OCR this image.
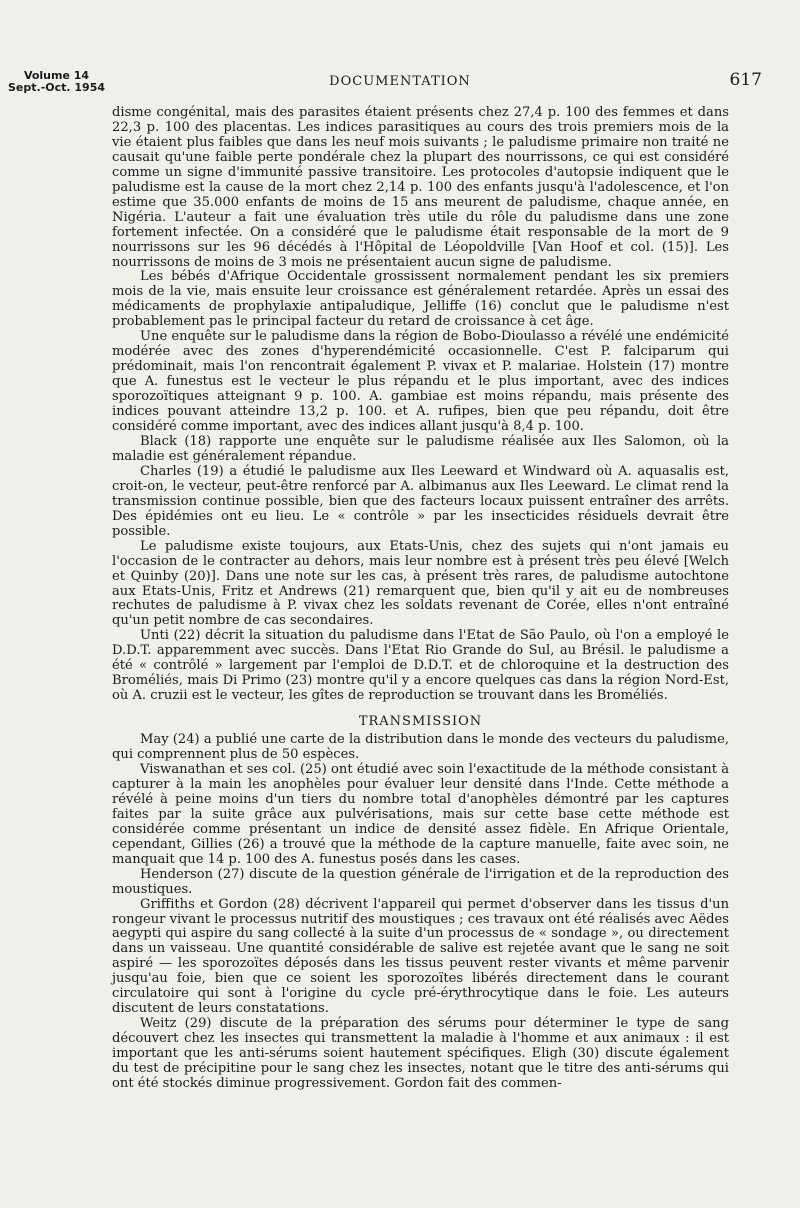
Volume 14
Sept.-Oct. 1954	DOCUMENTATION	617

disme congénital, mais des parasites étaient présents chez 27,4 p. 100 des femmes et dans 22,3 p. 100 des placentas. Les indices parasitiques au cours des trois premiers mois de la vie étaient plus faibles que dans les neuf mois suivants ; le paludisme primaire non traité ne causait qu'une faible perte pondérale chez la plupart des nourrissons, ce qui est considéré comme un signe d'immunité passive transitoire. Les protocoles d'autopsie indiquent que le paludisme est la cause de la mort chez 2,14 p. 100 des enfants jusqu'à l'adolescence, et l'on estime que 35.000 enfants de moins de 15 ans meurent de paludisme, chaque année, en Nigéria. L'auteur a fait une évaluation très utile du rôle du paludisme dans une zone fortement infectée. On a considéré que le paludisme était responsable de la mort de 9 nourrissons sur les 96 décédés à l'Hôpital de Léopoldville [Van Hoof et col. (15)]. Les nourrissons de moins de 3 mois ne présentaient aucun signe de paludisme.

Les bébés d'Afrique Occidentale grossissent normalement pendant les six premiers mois de la vie, mais ensuite leur croissance est généralement retardée. Après un essai des médicaments de prophylaxie antipaludique, Jelliffe (16) conclut que le paludisme n'est probablement pas le principal facteur du retard de croissance à cet âge.

Une enquête sur le paludisme dans la région de Bobo-Dioulasso a révélé une endémicité modérée avec des zones d'hyperendémicité occasionnelle. C'est P. falciparum qui prédominait, mais l'on rencontrait également P. vivax et P. malariae. Holstein (17) montre que A. funestus est le vecteur le plus répandu et le plus important, avec des indices sporozoïtiques atteignant 9 p. 100. A. gambiae est moins répandu, mais présente des indices pouvant atteindre 13,2 p. 100. et A. rufipes, bien que peu répandu, doit être considéré comme important, avec des indices allant jusqu'à 8,4 p. 100.

Black (18) rapporte une enquête sur le paludisme réalisée aux Iles Salomon, où la maladie est généralement répandue.

Charles (19) a étudié le paludisme aux Iles Leeward et Windward où A. aquasalis est, croit-on, le vecteur, peut-être renforcé par A. albimanus aux Iles Leeward. Le climat rend la transmission continue possible, bien que des facteurs locaux puissent entraîner des arrêts. Des épidémies ont eu lieu. Le « contrôle » par les insecticides résiduels devrait être possible.

Le paludisme existe toujours, aux Etats-Unis, chez des sujets qui n'ont jamais eu l'occasion de le contracter au dehors, mais leur nombre est à présent très peu élevé [Welch et Quinby (20)]. Dans une note sur les cas, à présent très rares, de paludisme autochtone aux Etats-Unis, Fritz et Andrews (21) remarquent que, bien qu'il y ait eu de nombreuses rechutes de paludisme à P. vivax chez les soldats revenant de Corée, elles n'ont entraîné qu'un petit nombre de cas secondaires.

Unti (22) décrit la situation du paludisme dans l'Etat de São Paulo, où l'on a employé le D.D.T. apparemment avec succès. Dans l'Etat Rio Grande do Sul, au Brésil. le paludisme a été « contrôlé » largement par l'emploi de D.D.T. et de chloroquine et la destruction des Broméliés, mais Di Primo (23) montre qu'il y a encore quelques cas dans la région Nord-Est, où A. cruzii est le vecteur, les gîtes de reproduction se trouvant dans les Broméliés.

TRANSMISSION

May (24) a publié une carte de la distribution dans le monde des vecteurs du paludisme, qui comprennent plus de 50 espèces.

Viswanathan et ses col. (25) ont étudié avec soin l'exactitude de la méthode consistant à capturer à la main les anophèles pour évaluer leur densité dans l'Inde. Cette méthode a révélé à peine moins d'un tiers du nombre total d'anophèles démontré par les captures faites par la suite grâce aux pulvérisations, mais sur cette base cette méthode est considérée comme présentant un indice de densité assez fidèle. En Afrique Orientale, cependant, Gillies (26) a trouvé que la méthode de la capture manuelle, faite avec soin, ne manquait que 14 p. 100 des A. funestus posés dans les cases.

Henderson (27) discute de la question générale de l'irrigation et de la reproduction des moustiques.

Griffiths et Gordon (28) décrivent l'appareil qui permet d'observer dans les tissus d'un rongeur vivant le processus nutritif des moustiques ; ces travaux ont été réalisés avec Aëdes aegypti qui aspire du sang collecté à la suite d'un processus de « sondage », ou directement dans un vaisseau. Une quantité considérable de salive est rejetée avant que le sang ne soit aspiré — les sporozoïtes déposés dans les tissus peuvent rester vivants et même parvenir jusqu'au foie, bien que ce soient les sporozoïtes libérés directement dans le courant circulatoire qui sont à l'origine du cycle pré-érythrocytique dans le foie. Les auteurs discutent de leurs constatations.

Weitz (29) discute de la préparation des sérums pour déterminer le type de sang découvert chez les insectes qui transmettent la maladie à l'homme et aux animaux : il est important que les anti-sérums soient hautement spécifiques. Eligh (30) discute également du test de précipitine pour le sang chez les insectes, notant que le titre des anti-sérums qui ont été stockés diminue progressivement. Gordon fait des commen-
